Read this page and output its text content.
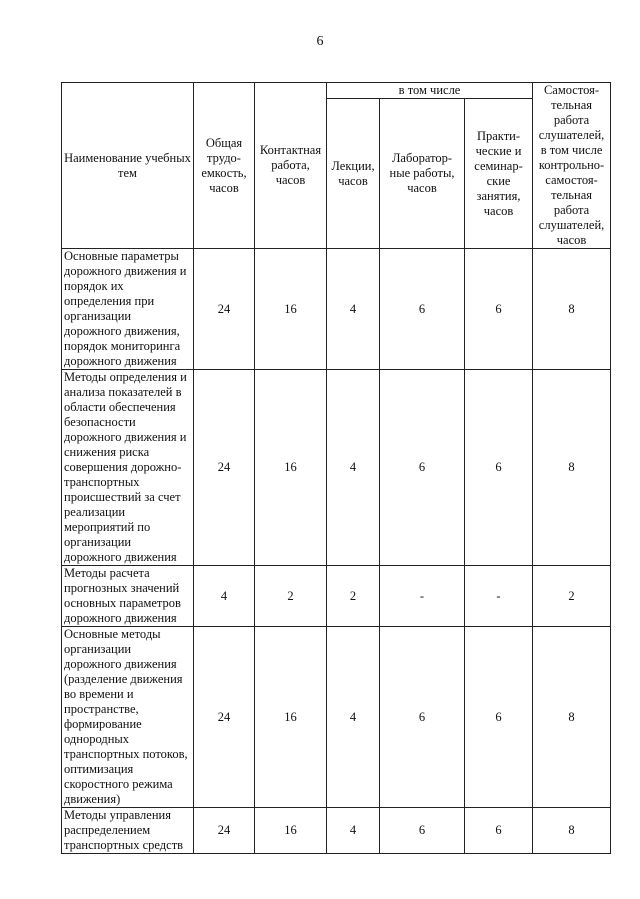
6
Наименование учебных тем	Общая трудо-емкость, часов	Контактная работа, часов	в том числе			Самостоя-тельная работа слушателей, в том числе контрольно-самостоя-тельная работа слушателей, часов
			Лекции, часов	Лаборатор-ные работы, часов	Практи-ческие и семинар-ские занятия, часов	
Основные параметры дорожного движения и порядок их определения при организации дорожного движения, порядок мониторинга дорожного движения	24	16	4	6	6	8
Методы определения и анализа показателей в области обеспечения безопасности дорожного движения и снижения риска совершения дорожно-транспортных происшествий за счет реализации мероприятий по организации дорожного движения	24	16	4	6	6	8
Методы расчета прогнозных значений основных параметров дорожного движения	4	2	2	-	-	2
Основные методы организации дорожного движения (разделение движения во времени и пространстве, формирование однородных транспортных потоков, оптимизация скоростного режима движения)	24	16	4	6	6	8
Методы управления распределением транспортных средств	24	16	4	6	6	8
